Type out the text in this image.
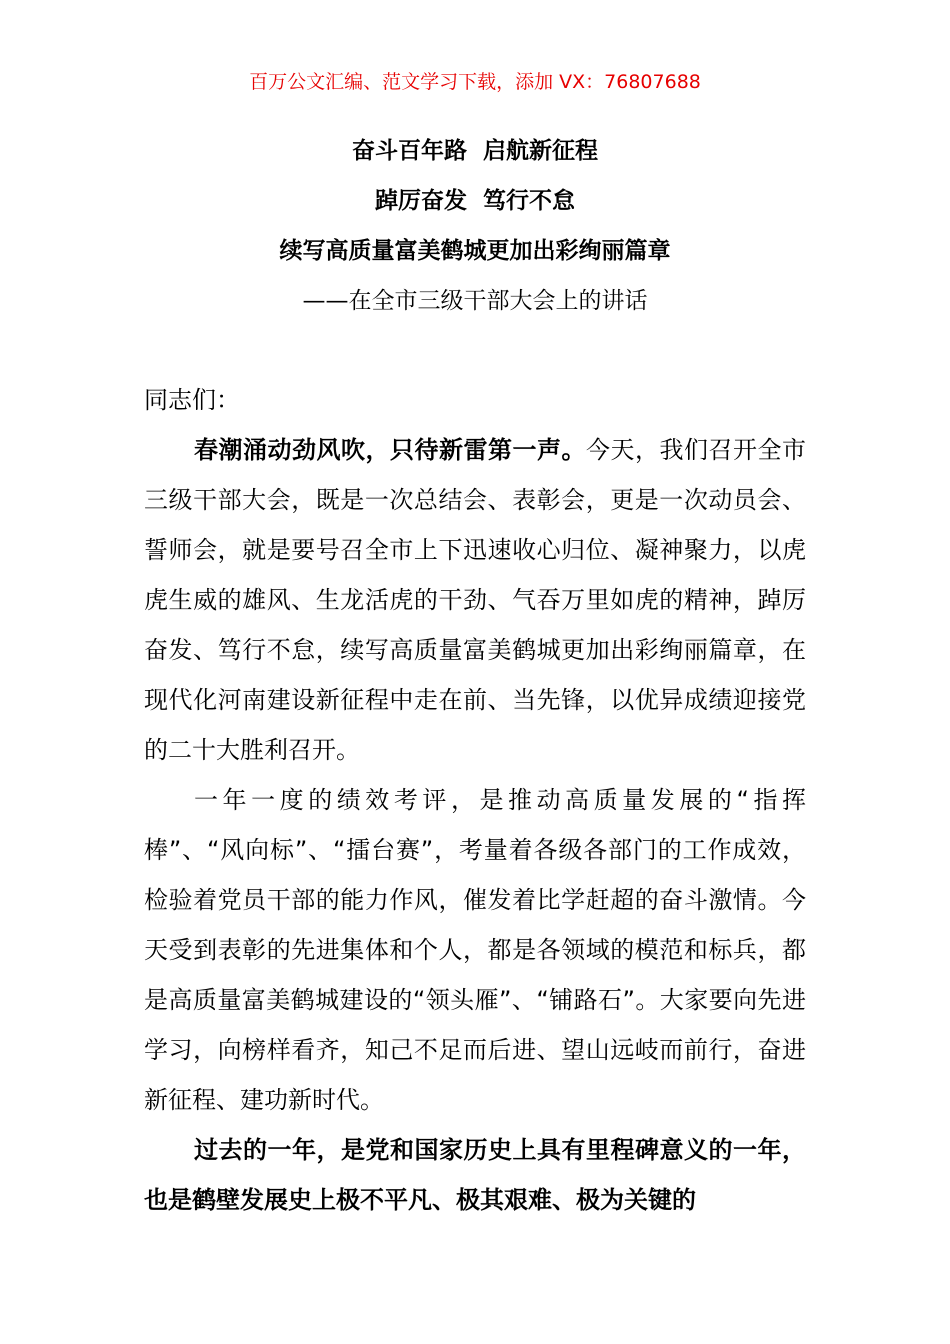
百万公文汇编、范文学习下载，添加 VX：76807688
奋斗百年路  启航新征程
踔厉奋发  笃行不怠
续写高质量富美鹤城更加出彩绚丽篇章
——在全市三级干部大会上的讲话
同志们：

春潮涌动劲风吹，只待新雷第一声。今天，我们召开全市三级干部大会，既是一次总结会、表彰会，更是一次动员会、誓师会，就是要号召全市上下迅速收心归位、凝神聚力，以虎虎生威的雄风、生龙活虎的干劲、气吞万里如虎的精神，踔厉奋发、笃行不怠，续写高质量富美鹤城更加出彩绚丽篇章，在现代化河南建设新征程中走在前、当先锋，以优异成绩迎接党的二十大胜利召开。

一年一度的绩效考评，是推动高质量发展的“指挥棒”、“风向标”、“擂台赛”，考量着各级各部门的工作成效，检验着党员干部的能力作风，催发着比学赶超的奋斗激情。今天受到表彰的先进集体和个人，都是各领域的模范和标兵，都是高质量富美鹤城建设的“领头雁”、“铺路石”。大家要向先进学习，向榜样看齐，知己不足而后进、望山远岐而前行，奋进新征程、建功新时代。

过去的一年，是党和国家历史上具有里程碑意义的一年，也是鹤壁发展史上极不平凡、极其艰难、极为关键的
